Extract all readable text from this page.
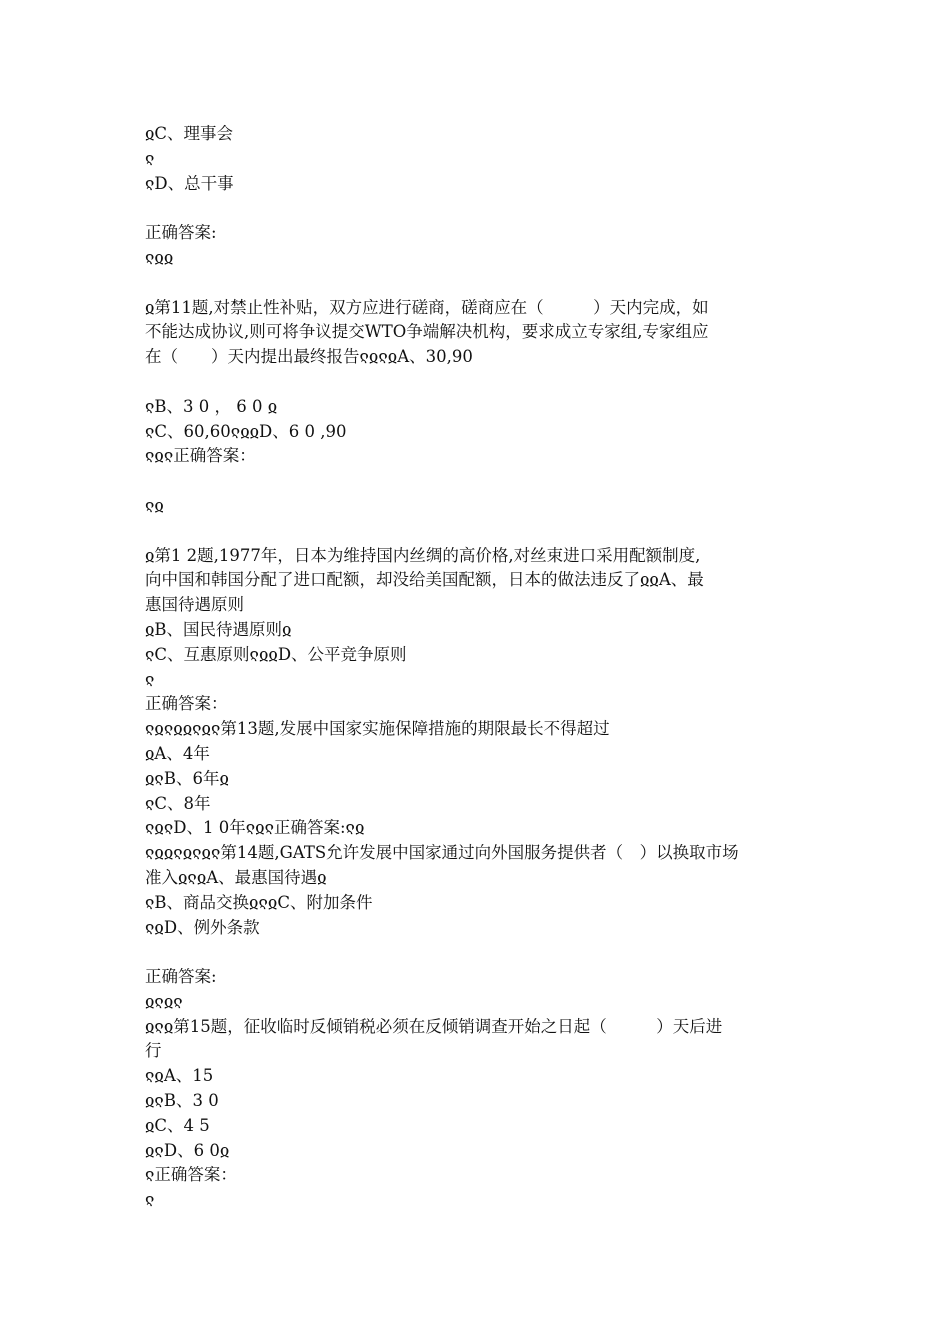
ჲC、理事会
ჺ
ჺD、总干事
正确答案:
ჺჲჲ
ჲ第11题,对禁止性补贴，双方应进行磋商，磋商应在（　　　）天内完成，如
不能达成协议,则可将争议提交WTO争端解决机构，要求成立专家组,专家组应
在（　　）天内提出最终报告ჺჲჺჲA、30,90
ჺB、3 0 ， 6 0 ჲ
ჺC、60,60ჺჲჲD、6 0 ,90
ჺჲჺ正确答案：
ჺჲ
ჲ第1 2题,1977年，日本为维持国内丝绸的高价格,对丝束进口采用配额制度,
向中国和韩国分配了进口配额，却没给美国配额，日本的做法违反了ჲჲA、最
惠国待遇原则
ჲB、国民待遇原则ჲ
ჺC、互惠原则ჺჲჲD、公平竞争原则
ჺ
正确答案：
ჺჲჺჲჲჺჲჺ第13题,发展中国家实施保障措施的期限最长不得超过
ჲA、4年
ჲჺB、6年ჲ
ჺC、8年
ჺჲჺD、1 0年ჺჲჺ正确答案:ჺჲ
ჺჲჲჺჲჺჲჺ第14题,GATS允许发展中国家通过向外国服务提供者（　）以换取市场
准入ჲჺჲA、最惠国待遇ჲ
ჺB、商品交换ჲჺჲC、附加条件
ჺჲD、例外条款
正确答案:
ჲჺჲჺ
ჲჺჲ第15题，征收临时反倾销税必须在反倾销调查开始之日起（　　　）天后进
行
ჺჲA、15
ჲჺB、3 0
ჲC、4 5
ჲჺD、6 0ჲ
ჺ正确答案：
ჺ
